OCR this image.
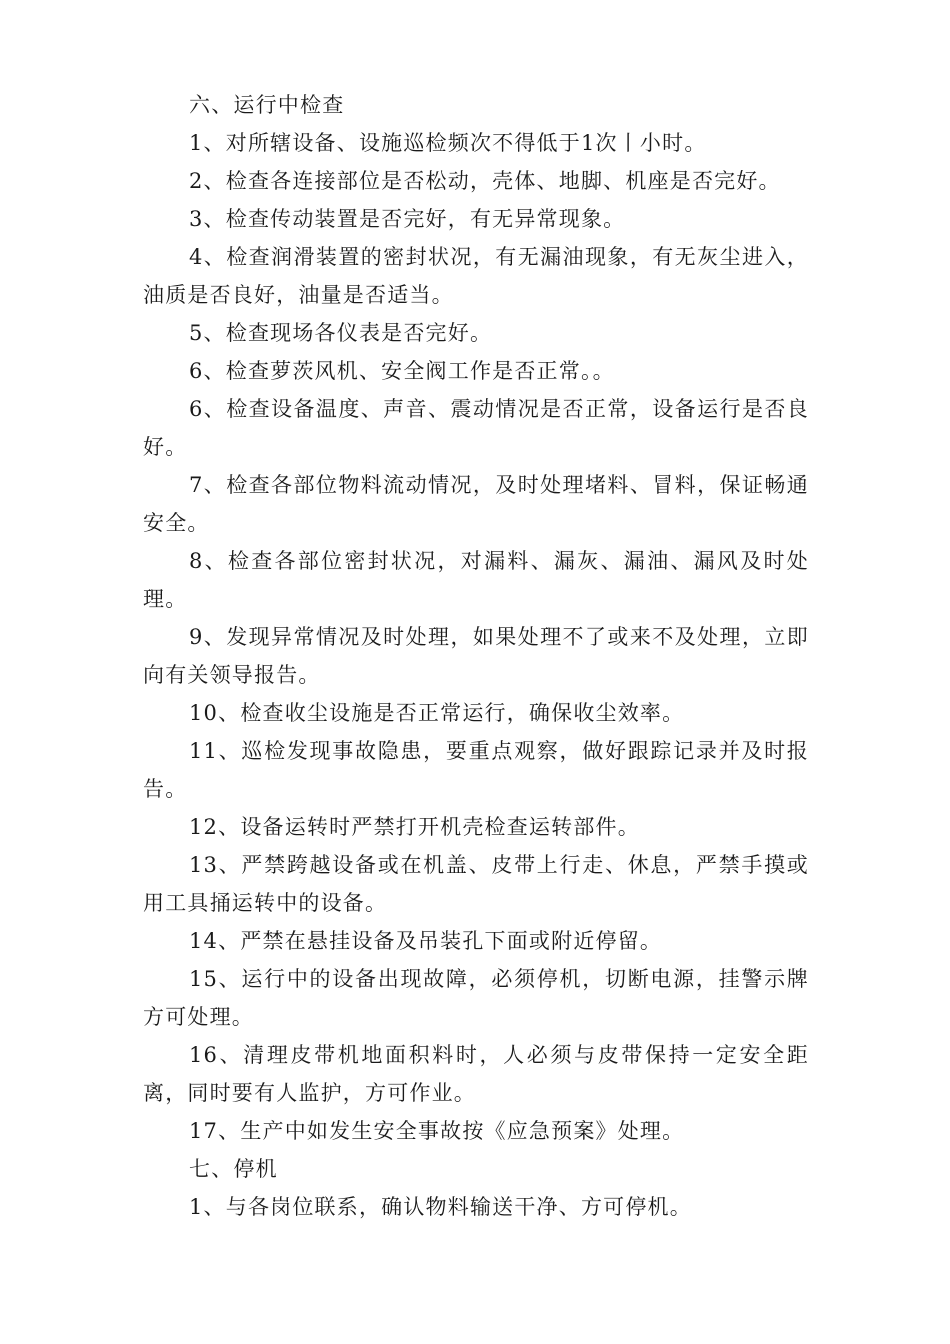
六、运行中检查

1、对所辖设备、设施巡检频次不得低于1次丨小时。

2、检查各连接部位是否松动，壳体、地脚、机座是否完好。

3、检查传动装置是否完好，有无异常现象。

4、检查润滑装置的密封状况，有无漏油现象，有无灰尘进入，油质是否良好，油量是否适当。

5、检查现场各仪表是否完好。

6、检查萝茨风机、安全阀工作是否正常。。

6、检查设备温度、声音、震动情况是否正常，设备运行是否良好。

7、检查各部位物料流动情况，及时处理堵料、冒料，保证畅通安全。

8、检查各部位密封状况，对漏料、漏灰、漏油、漏风及时处理。

9、发现异常情况及时处理，如果处理不了或来不及处理，立即向有关领导报告。

10、检查收尘设施是否正常运行，确保收尘效率。

11、巡检发现事故隐患，要重点观察，做好跟踪记录并及时报告。

12、设备运转时严禁打开机壳检查运转部件。

13、严禁跨越设备或在机盖、皮带上行走、休息，严禁手摸或用工具捅运转中的设备。

14、严禁在悬挂设备及吊装孔下面或附近停留。

15、运行中的设备出现故障，必须停机，切断电源，挂警示牌方可处理。

16、清理皮带机地面积料时，人必须与皮带保持一定安全距离，同时要有人监护，方可作业。

17、生产中如发生安全事故按《应急预案》处理。

七、停机

1、与各岗位联系，确认物料输送干净、方可停机。
